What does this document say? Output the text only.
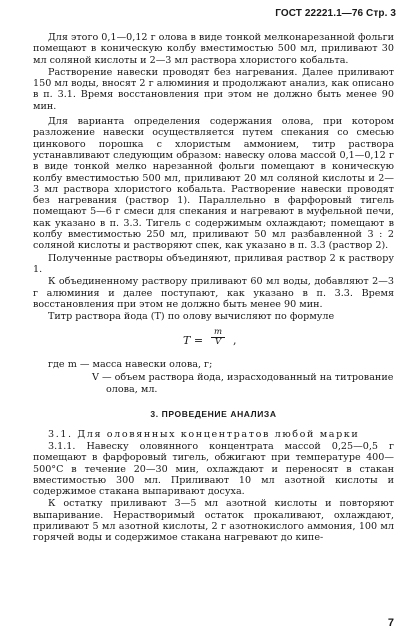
ГОСТ 22221.1—76 Стр. 3

Для этого 0,1—0,12 г олова в виде тонкой мелконарезанной фольги помещают в коническую колбу вместимостью 500 мл, приливают 30 мл соляной кислоты и 2—3 мл раствора хлористого кобальта.

Растворение навески проводят без нагревания. Далее приливают 150 мл воды, вносят 2 г алюминия и продолжают анализ, как описано в п. 3.1. Время восстановления при этом не должно быть менее 90 мин.

Для варианта определения содержания олова, при котором разложение навески осуществляется путем спекания со смесью цинкового порошка с хлористым аммонием, титр раствора устанавливают следующим образом: навеску олова массой 0,1—0,12 г в виде тонкой мелко нарезанной фольги помещают в коническую колбу вместимостью 500 мл, приливают 20 мл соляной кислоты и 2—3 мл раствора хлористого кобальта. Растворение навески проводят без нагревания (раствор 1). Параллельно в фарфоровый тигель помещают 5—6 г смеси для спекания и нагревают в муфельной печи, как указано в п. 3.3. Тигель с содержимым охлаждают; помещают в колбу вместимостью 250 мл, приливают 50 мл разбавленной 3 : 2 соляной кислоты и растворяют спек, как указано в п. 3.3 (раствор 2).

Полученные растворы объединяют, приливая раствор 2 к раствору 1.

К объединенному раствору приливают 60 мл воды, добавляют 2—3 г алюминия и далее поступают, как указано в п. 3.3. Время восстановления при этом не должно быть менее 90 мин.

Титр раствора йода (T) по олову вычисляют по формуле

$T = \frac{m}{V}$ ,

где m — масса навески олова, г;

V — объем раствора йода, израсходованный на титрование

олова, мл.

3. ПРОВЕДЕНИЕ АНАЛИЗА

3.1. Для оловянных концентратов любой марки

3.1.1. Навеску оловянного концентрата массой 0,25—0,5 г помещают в фарфоровый тигель, обжигают при температуре 400—500°С в течение 20—30 мин, охлаждают и переносят в стакан вместимостью 300 мл. Приливают 10 мл азотной кислоты и содержимое стакана выпаривают досуха.

К остатку приливают 3—5 мл азотной кислоты и повторяют выпаривание. Нерастворимый остаток прокаливают, охлаждают, приливают 5 мл азотной кислоты, 2 г азотнокислого аммония, 100 мл горячей воды и содержимое стакана нагревают до кипе-

7
